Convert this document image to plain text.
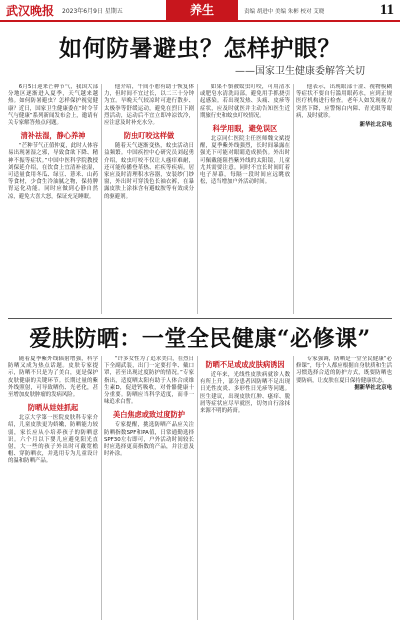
武汉晚报 2023年6月9日 星期五	养生	责编 胡进中 美编 朱彬 校对 艾晓	11
如何防暑避虫？怎样护眼？
——国家卫生健康委解答关切

6月5日迎来芒种节气，我国大部分地区逐渐进入夏季，天气越来越热。如何防暑避虫？怎样保护视觉健康？近日，国家卫生健康委在“时令节气与健康”系列新闻发布会上，邀请有关专家解答热点问题。

清补祛湿，静心养神

“芒种节气正值仲夏，此时人体容易出现暑湿之邪，导致食欲下降、精神不振等症状。”中国中医科学院教授刘保延介绍，在饮食上宜清补祛湿，可适量食用冬瓜、绿豆、薏米、山药等食材，少食生冷油腻之物，保持脾胃运化功能。同时应做到心静自然凉，避免大喜大怒，保证充足睡眠。

他介绍，午间小憩有助于恢复体力，但时间不宜过长，以二三十分钟为宜。早晚天气较凉时可进行散步、太极拳等舒缓运动，避免在烈日下剧烈活动，运动后不宜立即冲凉饮冷，应注意及时补充水分。

防虫叮咬这样做

随着天气逐渐变热，蚊虫活动日益频繁。中国疾控中心研究员刘起勇介绍，蚊虫叮咬不仅让人瘙痒难耐，还可能传播登革热、疟疾等疾病。居家应及时清理积水容器，安装纱门纱窗，外出时可穿浅色长袖衣裤，在暴露皮肤上涂抹含有避蚊胺等有效成分的驱避剂。

如果不慎被蚊虫叮咬，可用清水或肥皂水清洗局部，避免用手抓挠引起感染。若出现发热、头痛、皮疹等症状，应及时就医并主动告知医生近期旅行史和蚊虫叮咬情况。

科学用眼，避免误区

北京同仁医院主任医师魏文斌提醒，夏季紫外线强烈，长时间暴露在强光下可能对眼睛造成损伤。外出时可佩戴能阻挡紫外线的太阳镜，儿童尤其需要注意。同时不宜长时间盯着电子屏幕，每隔一段时间应远眺放松，适当增加户外活动时间。

他表示，出现眼部干涩、视物模糊等症状不要自行滥用眼药水，应到正规医疗机构进行检查。老年人如发现视力突然下降，应警惕白内障、青光眼等眼病，及时就诊。

新华社北京电
爱肤防晒：一堂全民健康“必修课”

随着夏季紫外线辐射增强，科学防晒又成为热点话题。皮肤专家提示，防晒不只是为了美白，更是保护皮肤健康的关键环节。长期过量的紫外线照射，可导致晒伤、光老化，甚至增加皮肤肿瘤的发病风险。

防晒从娃娃抓起

北京大学第一医院皮肤科专家介绍，儿童皮肤更为娇嫩，防晒能力较弱，家长应从小培养孩子的防晒意识。六个月以下婴儿应避免阳光直射，大一些的孩子外出时可戴宽檐帽、穿防晒衣，并选用专为儿童设计的温和防晒产品。

“许多女性为了追求美白，在烈日下全副武装，出门一定要打伞、戴口罩，甚至出现过度防护的情况。”专家指出，适度晒太阳有助于人体合成维生素D，促进钙吸收，对骨骼健康十分重要。防晒应当科学适度，而非一味追求白皙。

美白焦虑或致过度防护

专家提醒，挑选防晒产品应关注防晒指数SPF和PA值，日常通勤选择SPF30左右即可，户外活动时间较长时应选择更高指数的产品，并注意及时补涂。

防晒不足或成皮肤病诱因

近年来，光线性皮肤病就诊人数有所上升，部分患者因防晒不足出现日光性皮炎、多形性日光疹等问题。医生建议，出现皮肤红肿、瘙痒、脱屑等症状应尽早就医，切勿自行涂抹来源不明的药膏。

专家强调，防晒是一堂全民健康“必修课”，每个人都应根据自身肤质和生活习惯选择合适的防护方式，既要防晒也要防病，让皮肤在夏日保持健康状态。

据新华社北京电
